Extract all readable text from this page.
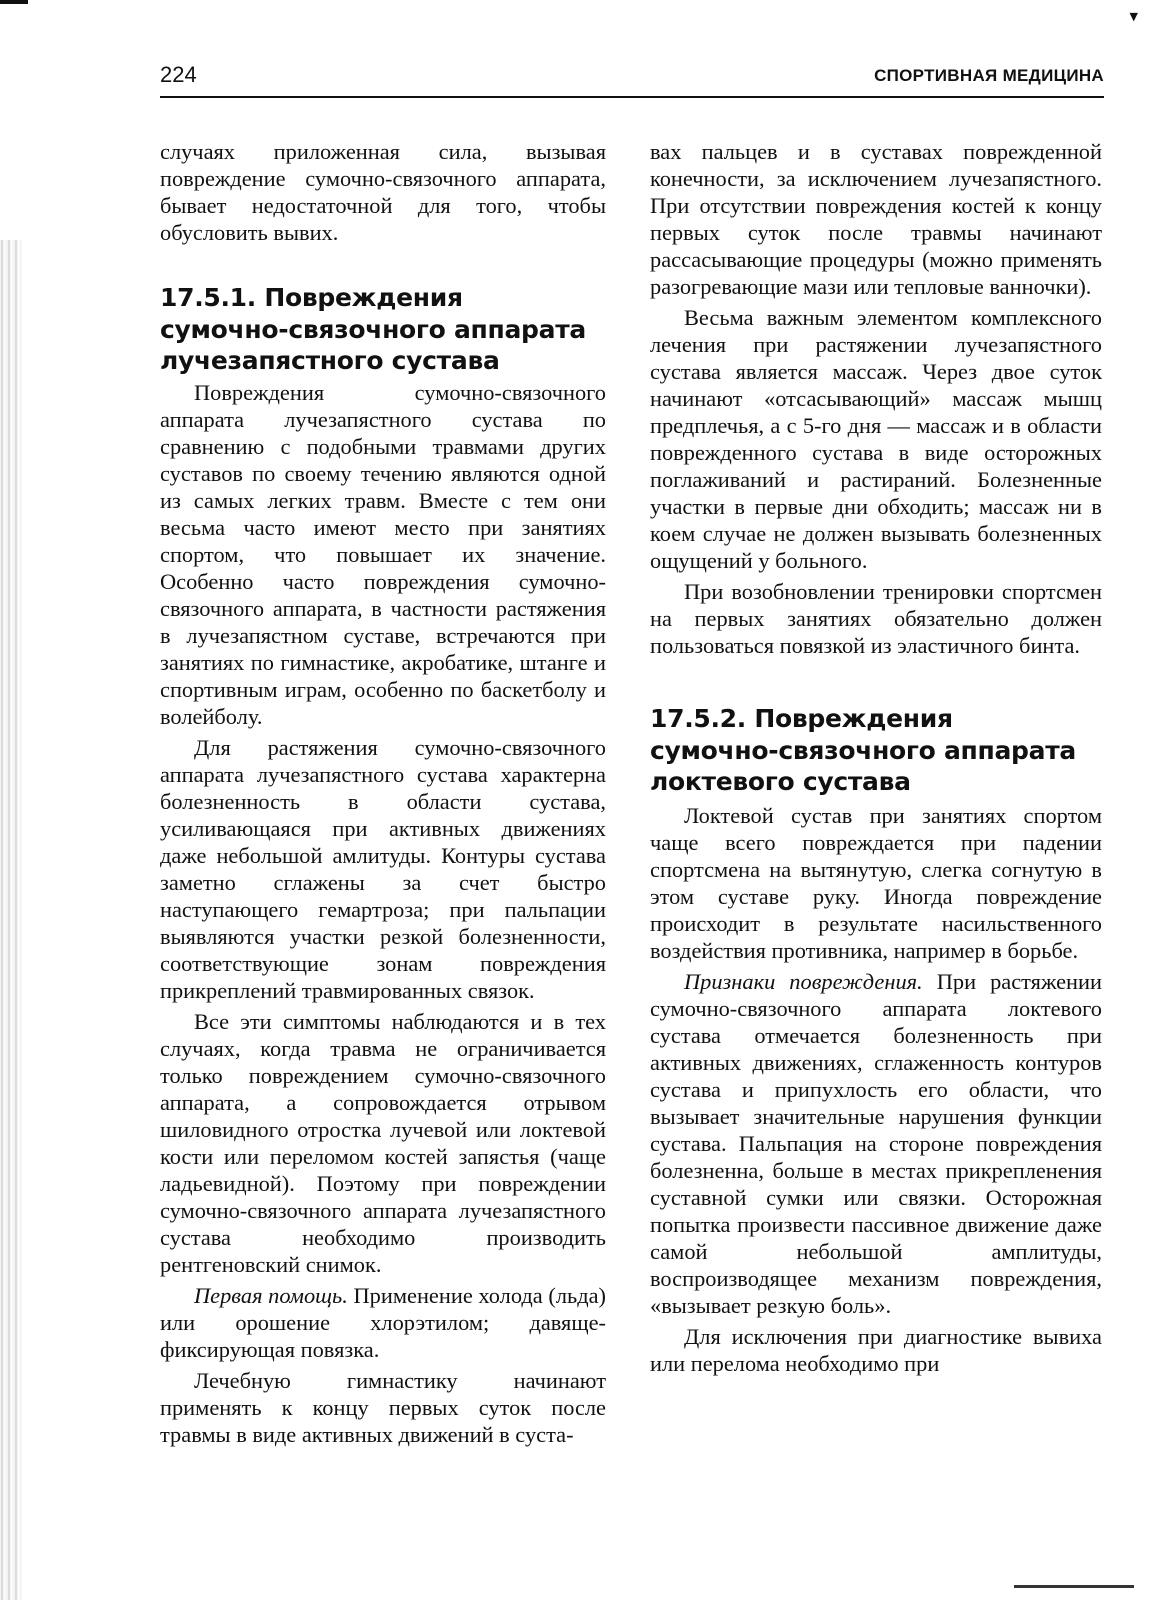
▼
224	СПОРТИВНАЯ МЕДИЦИНА

случаях приложенная сила, вызывая повреждение сумочно-связочного аппарата, бывает недостаточной для того, чтобы обусловить вывих.

17.5.1. Повреждения
сумочно-связочного аппарата
лучезапястного сустава

Повреждения сумочно-связочного аппарата лучезапястного сустава по сравнению с подобными травмами других суставов по своему течению являются одной из самых легких травм. Вместе с тем они весьма часто имеют место при занятиях спортом, что повышает их значение. Особенно часто повреждения сумочно-связочного аппарата, в частности растяжения в лучезапястном суставе, встречаются при занятиях по гимнастике, акробатике, штанге и спортивным играм, особенно по баскетболу и волейболу.

Для растяжения сумочно-связочного аппарата лучезапястного сустава характерна болезненность в области сустава, усиливающаяся при активных движениях даже небольшой амлитуды. Контуры сустава заметно сглажены за счет быстро наступающего гемартроза; при пальпации выявляются участки резкой болезненности, соответствующие зонам повреждения прикреплений травмированных связок.

Все эти симптомы наблюдаются и в тех случаях, когда травма не ограничивается только повреждением сумочно-связочного аппарата, а сопровождается отрывом шиловидного отростка лучевой или локтевой кости или переломом костей запястья (чаще ладьевидной). Поэтому при повреждении сумочно-связочного аппарата лучезапястного сустава необходимо производить рентгеновский снимок.

Первая помощь. Применение холода (льда) или орошение хлорэтилом; давяще-фиксирующая повязка.

Лечебную гимнастику начинают применять к концу первых суток после травмы в виде активных движений в суста-

вах пальцев и в суставах поврежденной конечности, за исключением лучезапястного. При отсутствии повреждения костей к концу первых суток после травмы начинают рассасывающие процедуры (можно применять разогревающие мази или тепловые ванночки).

Весьма важным элементом комплексного лечения при растяжении лучезапястного сустава является массаж. Через двое суток начинают «отсасывающий» массаж мышц предплечья, а с 5-го дня — массаж и в области поврежденного сустава в виде осторожных поглаживаний и растираний. Болезненные участки в первые дни обходить; массаж ни в коем случае не должен вызывать болезненных ощущений у больного.

При возобновлении тренировки спортсмен на первых занятиях обязательно должен пользоваться повязкой из эластичного бинта.

17.5.2. Повреждения
сумочно-связочного аппарата
локтевого сустава

Локтевой сустав при занятиях спортом чаще всего повреждается при падении спортсмена на вытянутую, слегка согнутую в этом суставе руку. Иногда повреждение происходит в результате насильственного воздействия противника, например в борьбе.

Признаки повреждения. При растяжении сумочно-связочного аппарата локтевого сустава отмечается болезненность при активных движениях, сглаженность контуров сустава и припухлость его области, что вызывает значительные нарушения функции сустава. Пальпация на стороне повреждения болезненна, больше в местах прикрепленения суставной сумки или связки. Осторожная попытка произвести пассивное движение даже самой небольшой амплитуды, воспроизводящее механизм повреждения, «вызывает резкую боль».

Для исключения при диагностике вывиха или перелома необходимо при
